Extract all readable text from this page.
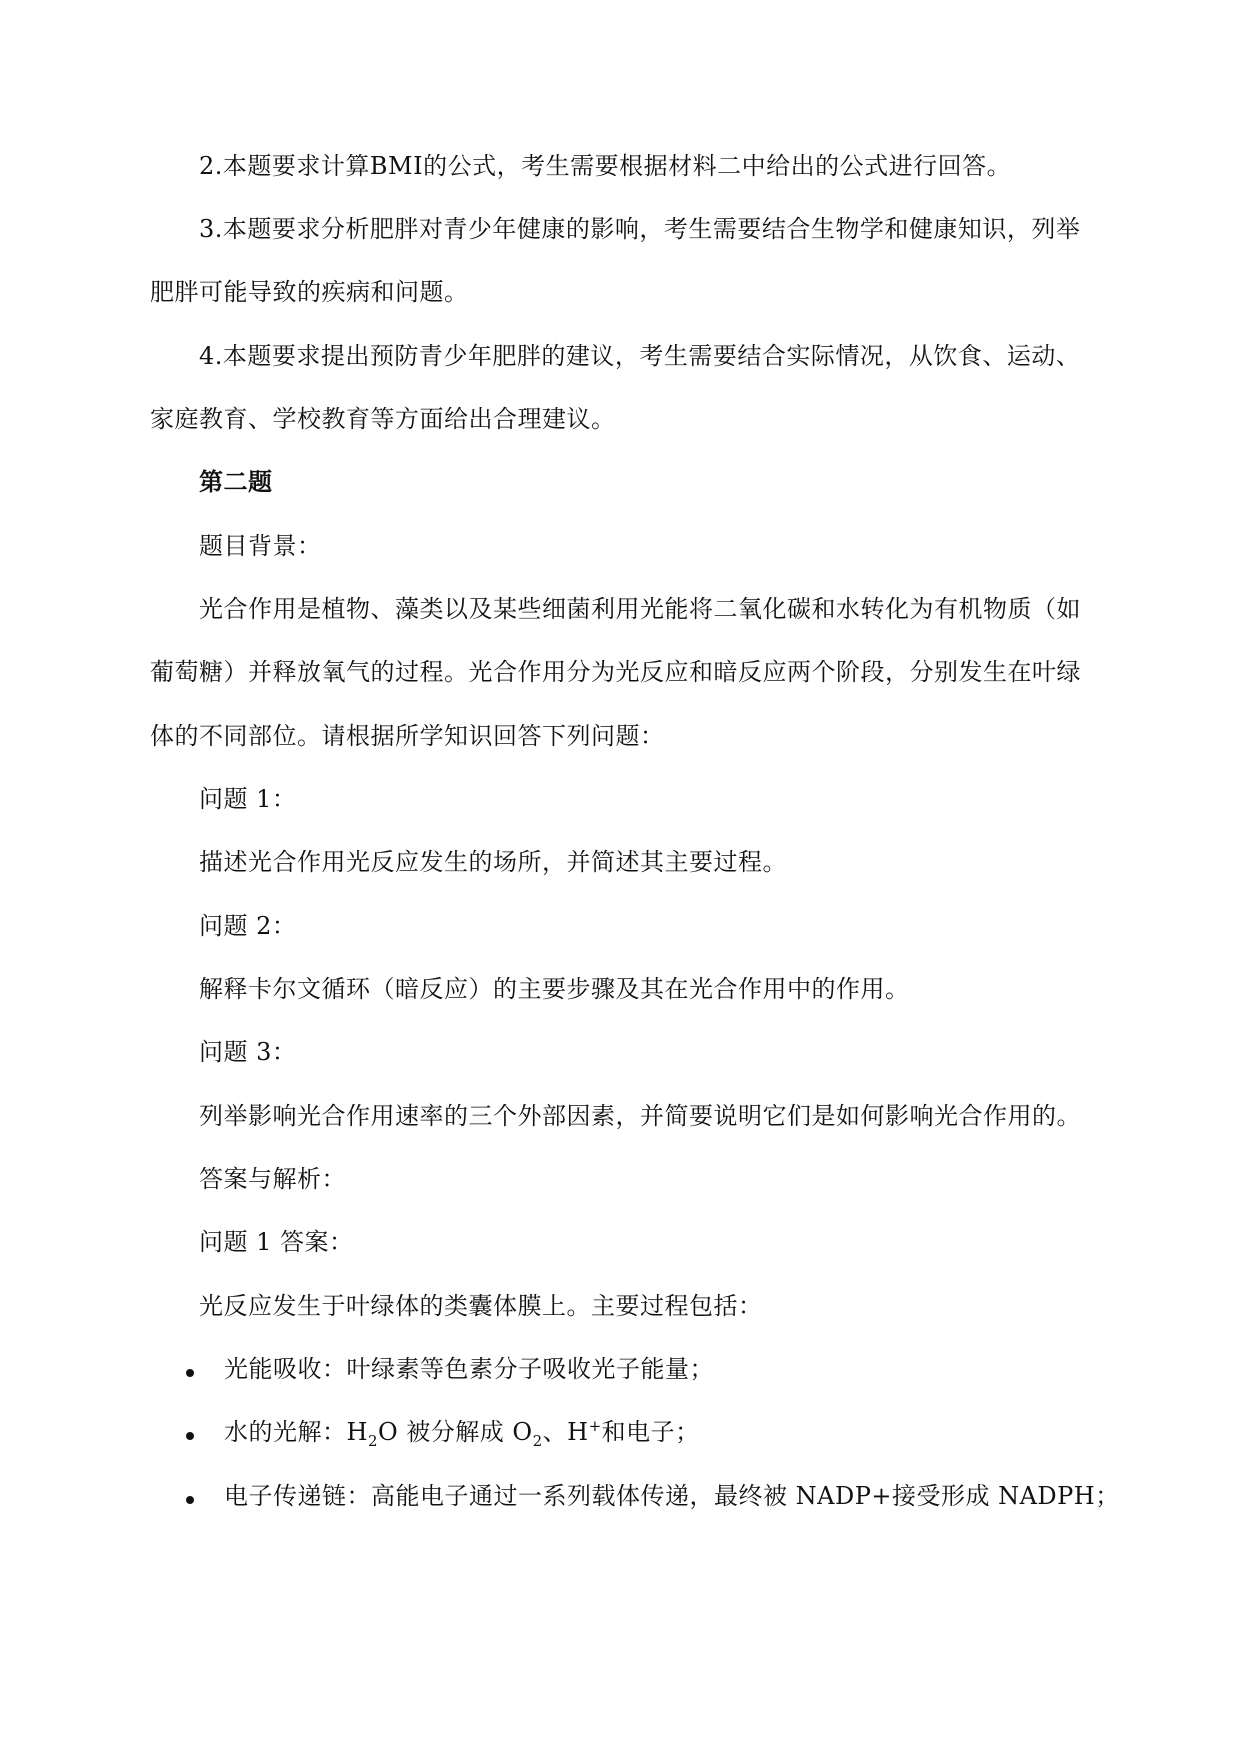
2.本题要求计算BMI的公式，考生需要根据材料二中给出的公式进行回答。
3.本题要求分析肥胖对青少年健康的影响，考生需要结合生物学和健康知识，列举
肥胖可能导致的疾病和问题。
4.本题要求提出预防青少年肥胖的建议，考生需要结合实际情况，从饮食、运动、
家庭教育、学校教育等方面给出合理建议。
第二题
题目背景：
光合作用是植物、藻类以及某些细菌利用光能将二氧化碳和水转化为有机物质（如
葡萄糖）并释放氧气的过程。光合作用分为光反应和暗反应两个阶段，分别发生在叶绿
体的不同部位。请根据所学知识回答下列问题：
问题 1：
描述光合作用光反应发生的场所，并简述其主要过程。
问题 2：
解释卡尔文循环（暗反应）的主要步骤及其在光合作用中的作用。
问题 3：
列举影响光合作用速率的三个外部因素，并简要说明它们是如何影响光合作用的。
答案与解析：
问题 1 答案：
光反应发生于叶绿体的类囊体膜上。主要过程包括：
光能吸收：叶绿素等色素分子吸收光子能量；
水的光解：$H_2O$ 被分解成 $O_2$、H+和电子；
电子传递链：高能电子通过一系列载体传递，最终被 NADP+接受形成 NADPH；
